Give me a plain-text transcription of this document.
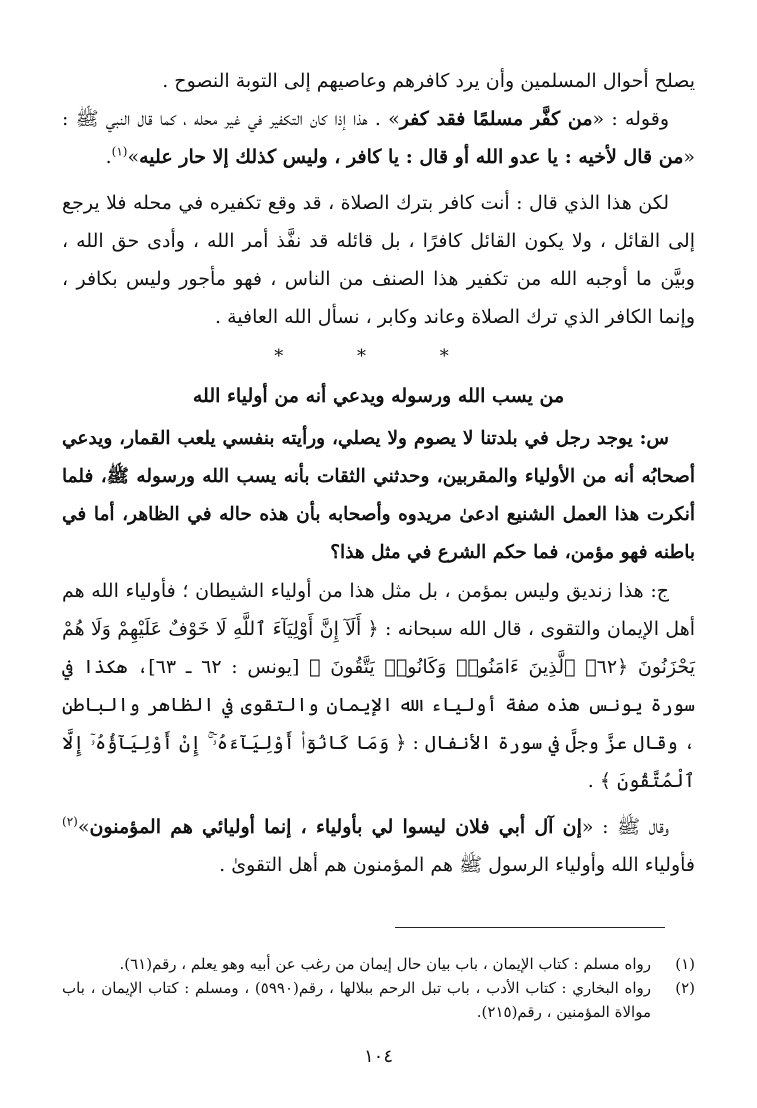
يصلح أحوال المسلمين وأن يرد كافرهم وعاصيهم إلى التوبة النصوح .

وقوله : «من كفَّر مسلمًا فقد كفر» . هذا إذا كان التكفير في غير محله ، كما قال النبي ﷺ : «من قال لأخيه : يا عدو الله أو قال : يا كافر ، وليس كذلك إلا حار عليه»$^{(١)}$.

لكن هذا الذي قال : أنت كافر بترك الصلاة ، قد وقع تكفيره في محله فلا يرجع إلى القائل ، ولا يكون القائل كافرًا ، بل قائله قد نفَّذ أمر الله ، وأدى حق الله ، وبيَّن ما أوجبه الله من تكفير هذا الصنف من الناس ، فهو مأجور وليس بكافر ، وإنما الكافر الذي ترك الصلاة وعاند وكابر ، نسأل الله العافية .

* * *
من يسب الله ورسوله ويدعي أنه من أولياء الله

س: يوجد رجل في بلدتنا لا يصوم ولا يصلي، ورأيته بنفسي يلعب القمار، ويدعي أصحابُه أنه من الأولياء والمقربين، وحدثني الثقات بأنه يسب الله ورسوله ﷺ، فلما أنكرت هذا العمل الشنيع ادعىٰ مريدوه وأصحابه بأن هذه حاله في الظاهر، أما في باطنه فهو مؤمن، فما حكم الشرع في مثل هذا؟

ج: هذا زنديق وليس بمؤمن ، بل مثل هذا من أولياء الشيطان ؛ فأولياء الله هم أهل الإيمان والتقوى ، قال الله سبحانه : ﴿ أَلَآ إِنَّ أَوْلِيَآءَ ٱللَّهِ لَا خَوْفٌ عَلَيْهِمْ وَلَا هُمْ يَحْزَنُونَ ﴿٦٢﴾ ٱلَّذِينَ ءَامَنُوا۟ وَكَانُوا۟ يَتَّقُونَ ﴾ [يونس : ٦٢ ـ ٦٣]، هكذا في سورة يونس هذه صفة أولياء الله الإيمان والتقوى في الظاهر والباطن ، وقال عزَّ وجلَّ في سورة الأنفال : ﴿ وَمَا كَانُوٓا۟ أَوْلِيَآءَهُۥٓ ۚ إِنْ أَوْلِيَآؤُهُۥٓ إِلَّا ٱلْمُتَّقُونَ ﴾ .

وقال ﷺ : «إن آل أبي فلان ليسوا لي بأولياء ، إنما أوليائي هم المؤمنون»$^{(٢)}$ فأولياء الله وأولياء الرسول ﷺ هم المؤمنون هم أهل التقوىٰ .

(١)
رواه مسلم : كتاب الإيمان ، باب بيان حال إيمان من رغب عن أبيه وهو يعلم ، رقم(٦١).
(٢)
رواه البخاري : كتاب الأدب ، باب تبل الرحم ببلالها ، رقم(٥٩٩٠) ، ومسلم : كتاب الإيمان ، باب موالاة المؤمنين ، رقم(٢١٥).
١٠٤
